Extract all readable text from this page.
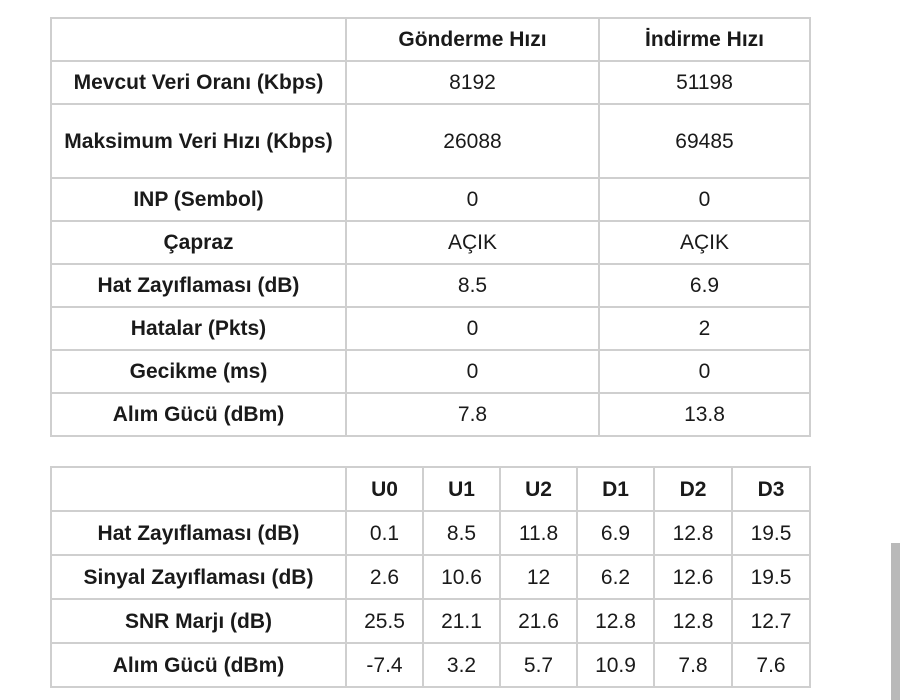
	Gönderme Hızı	İndirme Hızı
Mevcut Veri Oranı (Kbps)	8192	51198
Maksimum Veri Hızı (Kbps)	26088	69485
INP (Sembol)	0	0
Çapraz	AÇIK	AÇIK
Hat Zayıflaması (dB)	8.5	6.9
Hatalar (Pkts)	0	2
Gecikme (ms)	0	0
Alım Gücü (dBm)	7.8	13.8
	U0	U1	U2	D1	D2	D3
Hat Zayıflaması (dB)	0.1	8.5	11.8	6.9	12.8	19.5
Sinyal Zayıflaması (dB)	2.6	10.6	12	6.2	12.6	19.5
SNR Marjı (dB)	25.5	21.1	21.6	12.8	12.8	12.7
Alım Gücü (dBm)	-7.4	3.2	5.7	10.9	7.8	7.6
